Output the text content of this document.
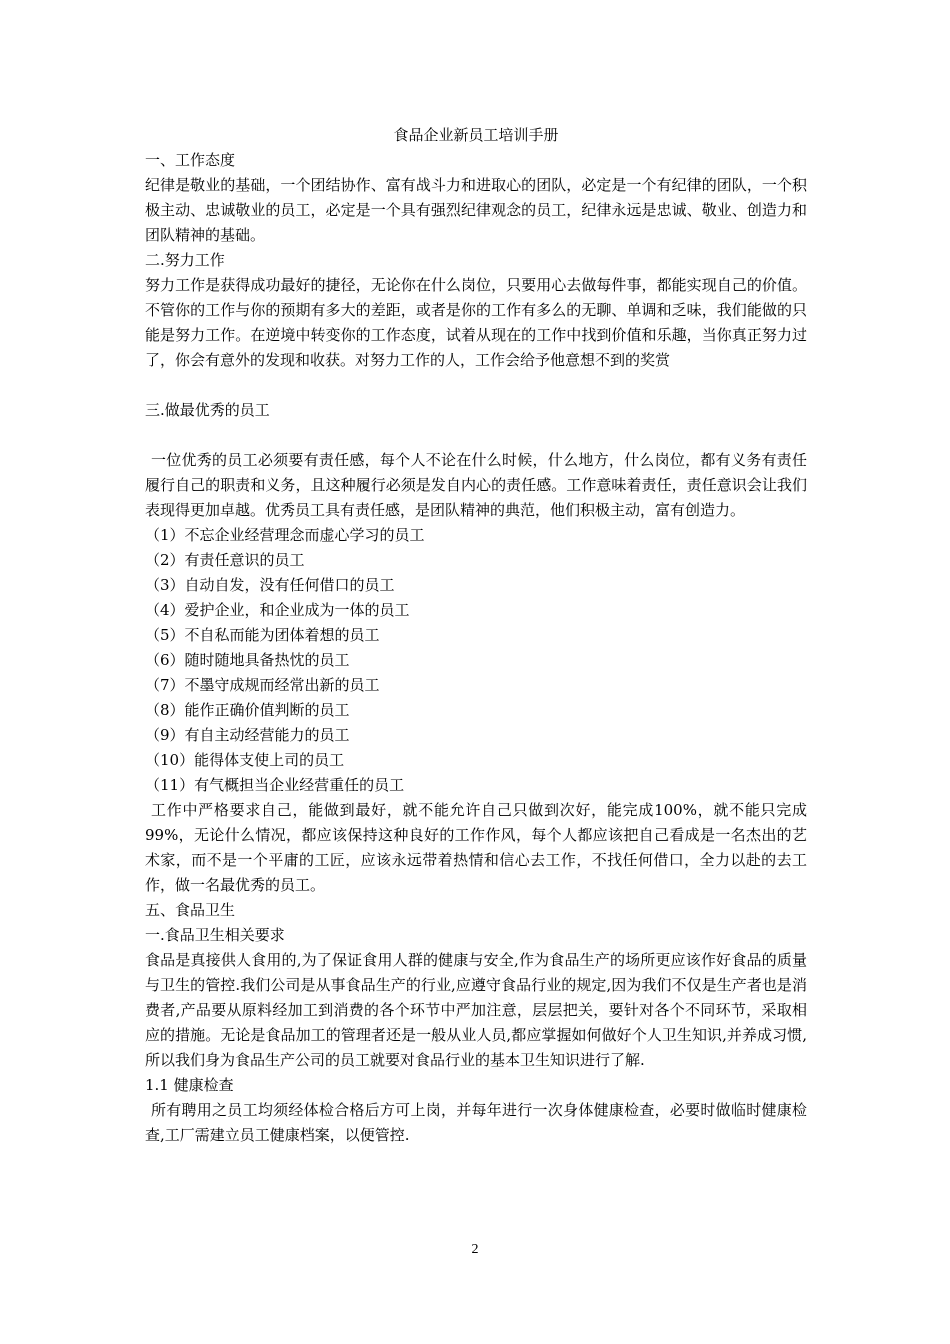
食品企业新员工培训手册

一、工作态度

纪律是敬业的基础，一个团结协作、富有战斗力和进取心的团队，必定是一个有纪律的团队，一个积极主动、忠诚敬业的员工，必定是一个具有强烈纪律观念的员工，纪律永远是忠诚、敬业、创造力和团队精神的基础。

二.努力工作

努力工作是获得成功最好的捷径，无论你在什么岗位，只要用心去做每件事，都能实现自己的价值。不管你的工作与你的预期有多大的差距，或者是你的工作有多么的无聊、单调和乏味，我们能做的只能是努力工作。在逆境中转变你的工作态度，试着从现在的工作中找到价值和乐趣，当你真正努力过了，你会有意外的发现和收获。对努力工作的人，工作会给予他意想不到的奖赏

三.做最优秀的员工

一位优秀的员工必须要有责任感，每个人不论在什么时候，什么地方，什么岗位，都有义务有责任履行自己的职责和义务，且这种履行必须是发自内心的责任感。工作意味着责任，责任意识会让我们表现得更加卓越。优秀员工具有责任感，是团队精神的典范，他们积极主动，富有创造力。

（1）不忘企业经营理念而虚心学习的员工

（2）有责任意识的员工

（3）自动自发，没有任何借口的员工

（4）爱护企业，和企业成为一体的员工

（5）不自私而能为团体着想的员工

（6）随时随地具备热忱的员工

（7）不墨守成规而经常出新的员工

（8）能作正确价值判断的员工

（9）有自主动经营能力的员工

（10）能得体支使上司的员工

（11）有气概担当企业经营重任的员工

工作中严格要求自己，能做到最好，就不能允许自己只做到次好，能完成100%，就不能只完成99%，无论什么情况，都应该保持这种良好的工作作风，每个人都应该把自己看成是一名杰出的艺术家，而不是一个平庸的工匠，应该永远带着热情和信心去工作，不找任何借口，全力以赴的去工作，做一名最优秀的员工。

五、食品卫生

一.食品卫生相关要求

食品是真接供人食用的,为了保证食用人群的健康与安全,作为食品生产的场所更应该作好食品的质量与卫生的管控.我们公司是从事食品生产的行业,应遵守食品行业的规定,因为我们不仅是生产者也是消费者,产品要从原料经加工到消费的各个环节中严加注意，层层把关，要针对各个不同环节，采取相应的措施。无论是食品加工的管理者还是一般从业人员,都应掌握如何做好个人卫生知识,并养成习惯,所以我们身为食品生产公司的员工就要对食品行业的基本卫生知识进行了解.

1.1 健康检查

所有聘用之员工均须经体检合格后方可上岗，并每年进行一次身体健康检查，必要时做临时健康检查,工厂需建立员工健康档案，以便管控.

2
